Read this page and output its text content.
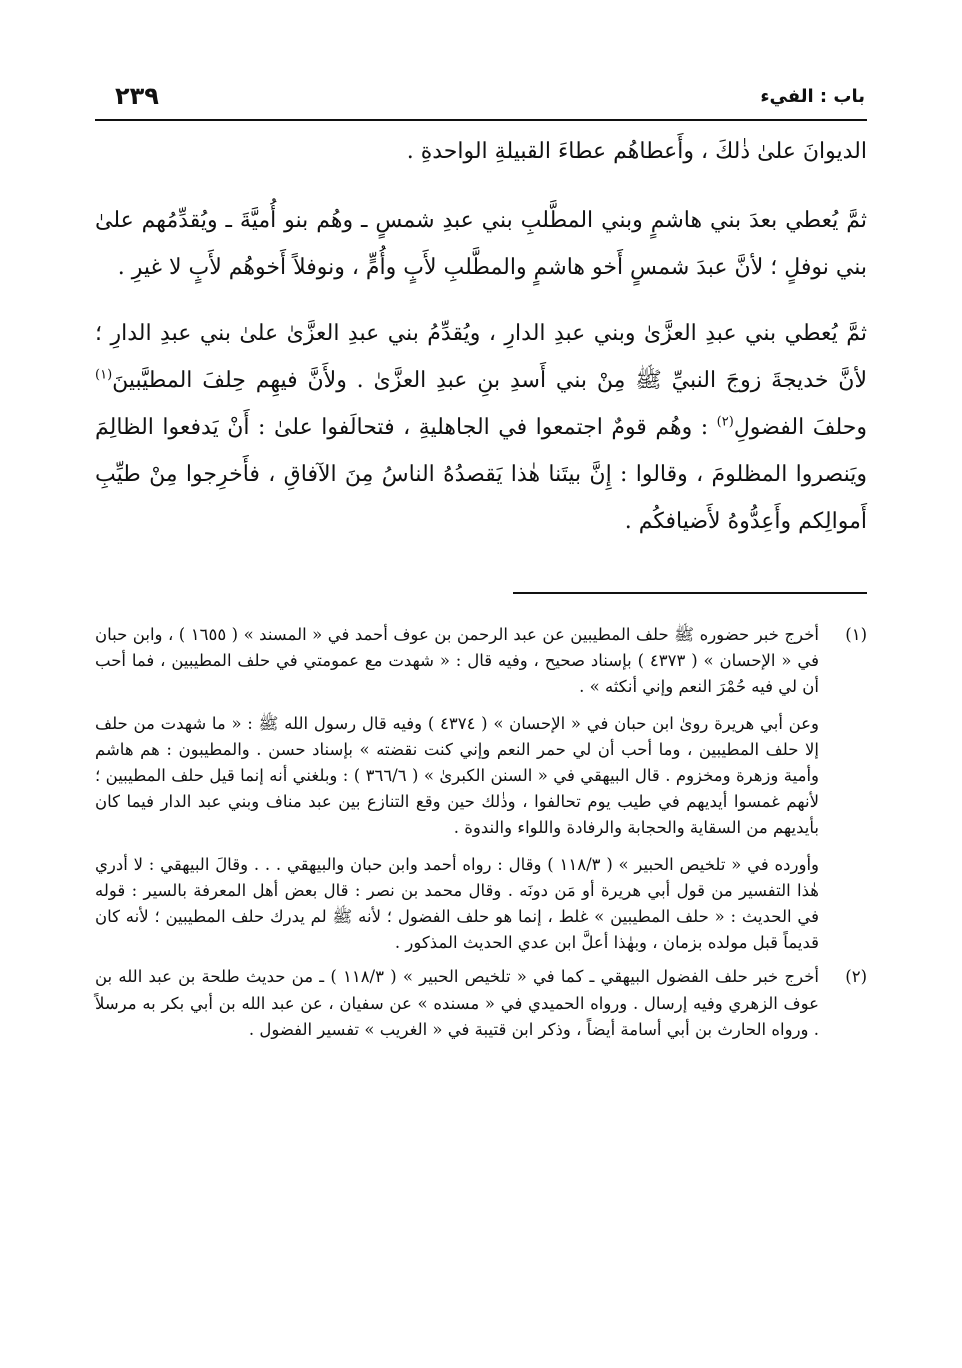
باب : الفيء
٢٣٩

الديوانَ علىٰ ذٰلكَ ، وأَعطاهُم عطاءَ القبيلةِ الواحدةِ .

ثمَّ يُعطي بعدَ بني هاشمٍ وبني المطَّلبِ بني عبدِ شمسٍ ـ وهُم بنو أُميَّةَ ـ ويُقدِّمُهم علىٰ بني نوفلٍ ؛ لأنَّ عبدَ شمسٍ أَخو هاشمٍ والمطَّلبِ لأَبٍ وأُمٍّ ، ونوفلاً أَخوهُم لأَبٍ لا غيرِ .

ثمَّ يُعطي بني عبدِ العزَّىٰ وبني عبدِ الدارِ ، ويُقدِّمُ بني عبدِ العزَّىٰ علىٰ بني عبدِ الدارِ ؛ لأنَّ خديجةَ زوجَ النبيِّ ﷺ مِنْ بني أَسدِ بنِ عبدِ العزَّىٰ . ولأَنَّ فيهِم حِلفَ المطيَّبينَ$^{(١)}$ وحلفَ الفضولِ$^{(٢)}$ : وهُم قومٌ اجتمعوا في الجاهليةِ ، فتحالَفوا علىٰ : أَنْ يَدفعوا الظالِمَ ويَنصروا المظلومَ ، وقالوا : إِنَّ بيتَنا هٰذا يَقصدُهُ الناسُ مِنَ الآفاقِ ، فأَخرِجوا مِنْ طيِّبِ أَموالِكم وأَعِدُّوهُ لأَضيافكُم .

(١)

أخرج خبر حضوره ﷺ حلف المطيبين عن عبد الرحمن بن عوف أحمد في « المسند » ( ١٦٥٥ ) ، وابن حبان في « الإحسان » ( ٤٣٧٣ ) بإسناد صحيح ، وفيه قال : « شهدت مع عمومتي في حلف المطيبين ، فما أحب أن لي فيه حُمْرَ النعم وإني أنكثه » .

وعن أبي هريرة روىٰ ابن حبان في « الإحسان » ( ٤٣٧٤ ) وفيه قال رسول الله ﷺ : « ما شهدت من حلف إلا حلف المطيبين ، وما أحب أن لي حمر النعم وإني كنت نقضته » بإسناد حسن . والمطيبون : هم هاشم وأمية وزهرة ومخزوم . قال البيهقي في « السنن الكبرىٰ » ( ٣٦٦/٦ ) : وبلغني أنه إنما قيل حلف المطيبين ؛ لأنهم غمسوا أيديهم في طيب يوم تحالفوا ، وذٰلك حين وقع التنازع بين عبد مناف وبني عبد الدار فيما كان بأيديهم من السقاية والحجابة والرفادة واللواء والندوة .

وأورده في « تلخيص الحبير » ( ١١٨/٣ ) وقال : رواه أحمد وابن حبان والبيهقي . . . وقالَ البيهقي : لا أدري هٰذا التفسير من قول أبي هريرة أو مَن دونَه . وقال محمد بن نصر : قال بعض أهل المعرفة بالسير : قوله في الحديث : « حلف المطيبين » غلط ، إنما هو حلف الفضول ؛ لأنه ﷺ لم يدرك حلف المطيبين ؛ لأنه كان قديماً قبل مولده بزمان ، وبهٰذا أعلَّ ابن عدي الحديث المذكور .

(٢)

أخرج خبر حلف الفضول البيهقي ـ كما في « تلخيص الحبير » ( ١١٨/٣ ) ـ من حديث طلحة بن عبد الله بن عوف الزهري وفيه إرسال . ورواه الحميدي في « مسنده » عن سفيان ، عن عبد الله بن أبي بكر به مرسلاً . ورواه الحارث بن أبي أسامة أيضاً ، وذكر ابن قتيبة في « الغريب » تفسير الفضول .
